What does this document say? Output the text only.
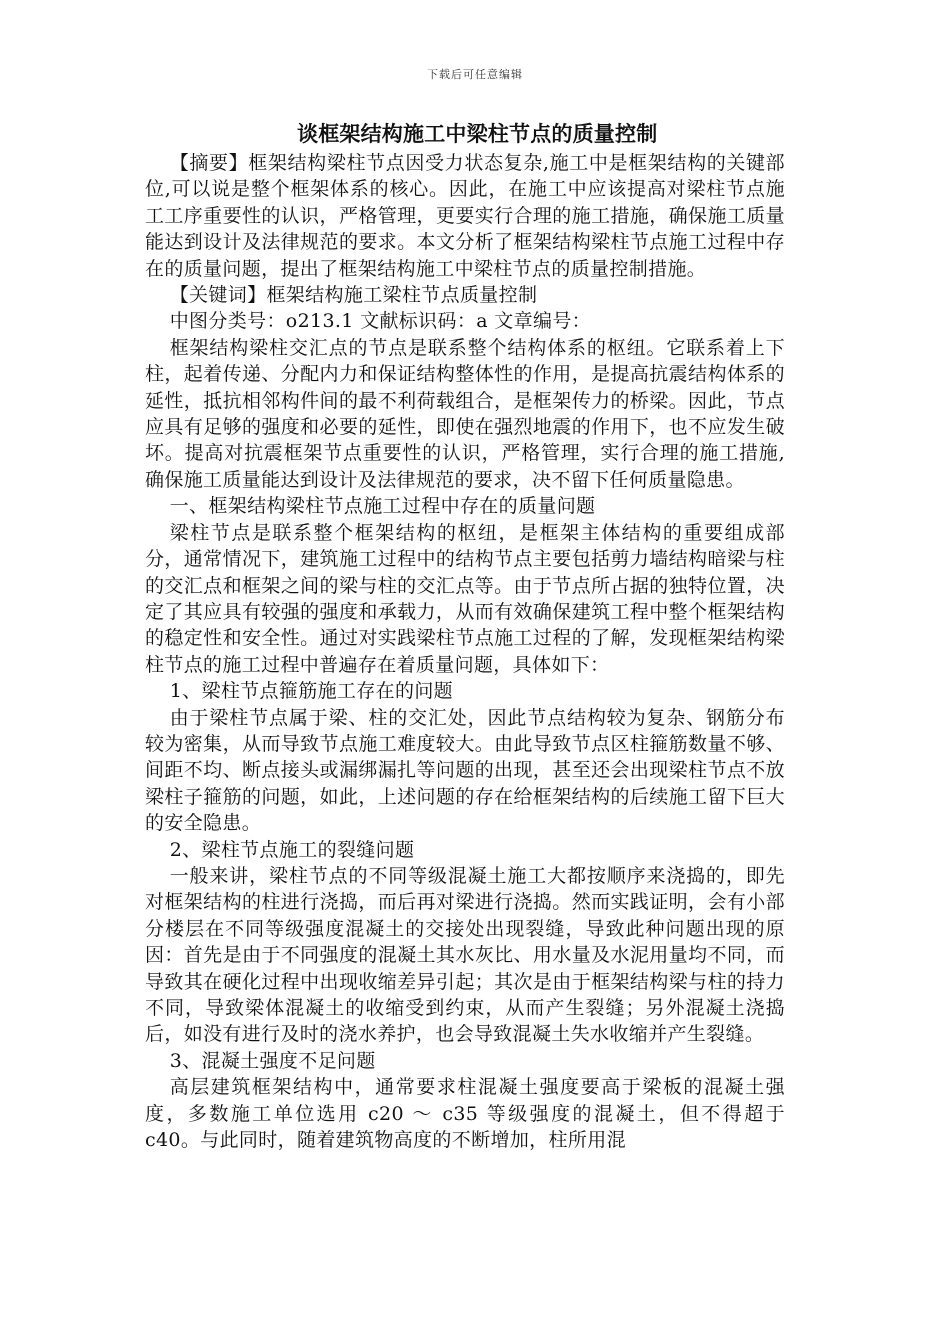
下载后可任意编辑
谈框架结构施工中梁柱节点的质量控制

【摘要】框架结构梁柱节点因受力状态复杂,施工中是框架结构的关键部位,可以说是整个框架体系的核心。因此，在施工中应该提高对梁柱节点施工工序重要性的认识，严格管理，更要实行合理的施工措施，确保施工质量能达到设计及法律规范的要求。本文分析了框架结构梁柱节点施工过程中存在的质量问题，提出了框架结构施工中梁柱节点的质量控制措施。

【关键词】框架结构施工梁柱节点质量控制

中图分类号：o213.1 文献标识码：a 文章编号：

框架结构梁柱交汇点的节点是联系整个结构体系的枢纽。它联系着上下柱，起着传递、分配内力和保证结构整体性的作用，是提高抗震结构体系的延性，抵抗相邻构件间的最不利荷载组合，是框架传力的桥梁。因此，节点应具有足够的强度和必要的延性，即使在强烈地震的作用下，也不应发生破坏。提高对抗震框架节点重要性的认识，严格管理，实行合理的施工措施,确保施工质量能达到设计及法律规范的要求，决不留下任何质量隐患。

一、框架结构梁柱节点施工过程中存在的质量问题

梁柱节点是联系整个框架结构的枢纽，是框架主体结构的重要组成部分，通常情况下，建筑施工过程中的结构节点主要包括剪力墙结构暗梁与柱的交汇点和框架之间的梁与柱的交汇点等。由于节点所占据的独特位置，决定了其应具有较强的强度和承载力，从而有效确保建筑工程中整个框架结构的稳定性和安全性。通过对实践梁柱节点施工过程的了解，发现框架结构梁柱节点的施工过程中普遍存在着质量问题，具体如下：

1、梁柱节点箍筋施工存在的问题

由于梁柱节点属于梁、柱的交汇处，因此节点结构较为复杂、钢筋分布较为密集，从而导致节点施工难度较大。由此导致节点区柱箍筋数量不够、间距不均、断点接头或漏绑漏扎等问题的出现，甚至还会出现梁柱节点不放梁柱子箍筋的问题，如此，上述问题的存在给框架结构的后续施工留下巨大的安全隐患。

2、梁柱节点施工的裂缝问题

一般来讲，梁柱节点的不同等级混凝土施工大都按顺序来浇捣的，即先对框架结构的柱进行浇捣，而后再对梁进行浇捣。然而实践证明，会有小部分楼层在不同等级强度混凝土的交接处出现裂缝，导致此种问题出现的原因：首先是由于不同强度的混凝土其水灰比、用水量及水泥用量均不同，而导致其在硬化过程中出现收缩差异引起；其次是由于框架结构梁与柱的持力不同，导致梁体混凝土的收缩受到约束，从而产生裂缝；另外混凝土浇捣后，如没有进行及时的浇水养护，也会导致混凝土失水收缩并产生裂缝。

3、混凝土强度不足问题

高层建筑框架结构中，通常要求柱混凝土强度要高于梁板的混凝土强度，多数施工单位选用 c20 ～ c35 等级强度的混凝土，但不得超于 c40。与此同时，随着建筑物高度的不断增加，柱所用混
